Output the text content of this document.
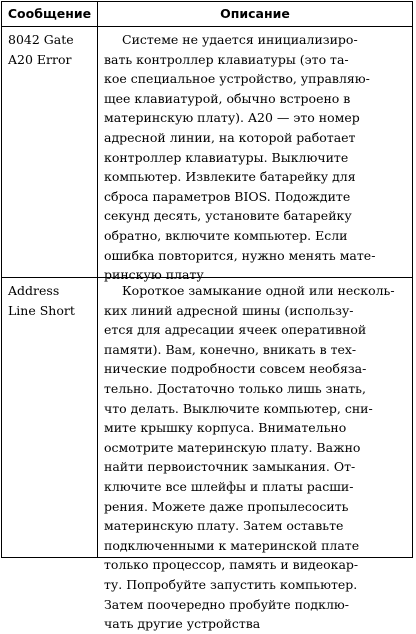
Сообщение	Описание
8042 Gate
A20 Error
Системе не удается инициализиро-
вать контроллер клавиатуры (это та-
кое специальное устройство, управляю-
щее клавиатурой, обычно встроено в
материнскую плату). A20 — это номер
адресной линии, на которой работает
контроллер клавиатуры. Выключите
компьютер. Извлеките батарейку для
сброса параметров BIOS. Подождите
секунд десять, установите батарейку
обратно, включите компьютер. Если
ошибка повторится, нужно менять мате-
ринскую плату
Address
Line Short
Короткое замыкание одной или несколь-
ких линий адресной шины (использу-
ется для адресации ячеек оперативной
памяти). Вам, конечно, вникать в тех-
нические подробности совсем необяза-
тельно. Достаточно только лишь знать,
что делать. Выключите компьютер, сни-
мите крышку корпуса. Внимательно
осмотрите материнскую плату. Важно
найти первоисточник замыкания. От-
ключите все шлейфы и платы расши-
рения. Можете даже пропылесосить
материнскую плату. Затем оставьте
подключенными к материнской плате
только процессор, память и видеокар-
ту. Попробуйте запустить компьютер.
Затем поочередно пробуйте подклю-
чать другие устройства
